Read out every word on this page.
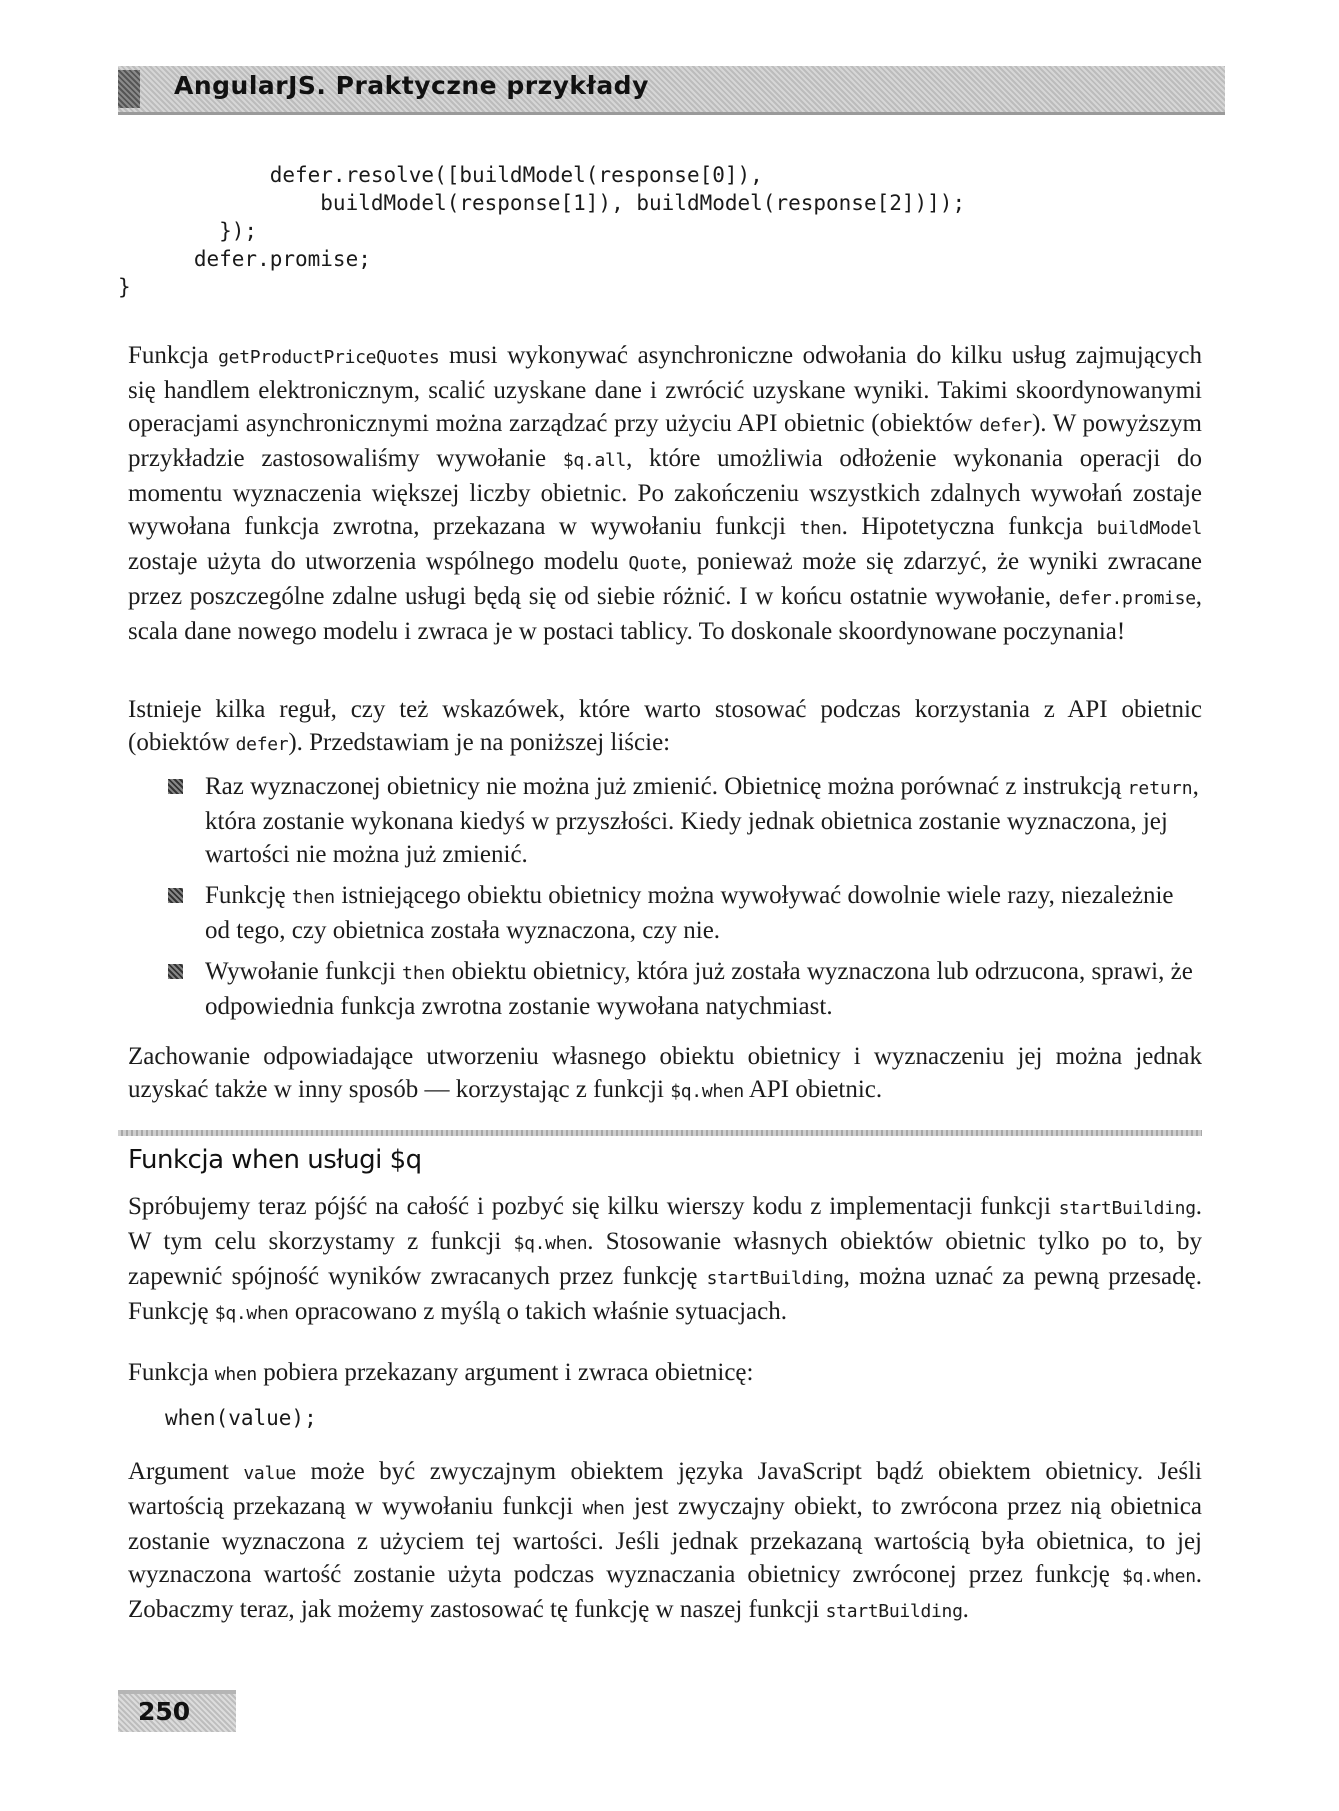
AngularJS. Praktyczne przykłady
defer.resolve([buildModel(response[0]),
buildModel(response[1]), buildModel(response[2])]);
});
defer.promise;
}

Funkcja getProductPriceQuotes musi wykonywać asynchroniczne odwołania do kilku usług zajmujących się handlem elektronicznym, scalić uzyskane dane i zwrócić uzyskane wyniki. Takimi skoordynowanymi operacjami asynchronicznymi można zarządzać przy użyciu API obietnic (obiektów defer). W powyższym przykładzie zastosowaliśmy wywołanie $q.all, które umożliwia odłożenie wykonania operacji do momentu wyznaczenia większej liczby obietnic. Po zakończeniu wszystkich zdalnych wywołań zostaje wywołana funkcja zwrotna, przekazana w wywołaniu funkcji then. Hipotetyczna funkcja buildModel zostaje użyta do utworzenia wspólnego modelu Quote, ponieważ może się zdarzyć, że wyniki zwracane przez poszczególne zdalne usługi będą się od siebie różnić. I w końcu ostatnie wywołanie, defer.promise, scala dane nowego modelu i zwraca je w postaci tablicy. To doskonale skoordynowane poczynania!

Istnieje kilka reguł, czy też wskazówek, które warto stosować podczas korzystania z API obietnic (obiektów defer). Przedstawiam je na poniższej liście:

Raz wyznaczonej obietnicy nie można już zmienić. Obietnicę można porównać z instrukcją return, która zostanie wykonana kiedyś w przyszłości. Kiedy jednak obietnica zostanie wyznaczona, jej wartości nie można już zmienić.
Funkcję then istniejącego obiektu obietnicy można wywoływać dowolnie wiele razy, niezależnie od tego, czy obietnica została wyznaczona, czy nie.
Wywołanie funkcji then obiektu obietnicy, która już została wyznaczona lub odrzucona, sprawi, że odpowiednia funkcja zwrotna zostanie wywołana natychmiast.

Zachowanie odpowiadające utworzeniu własnego obiektu obietnicy i wyznaczeniu jej można jednak uzyskać także w inny sposób — korzystając z funkcji $q.when API obietnic.

Funkcja when usługi $q

Spróbujemy teraz pójść na całość i pozbyć się kilku wierszy kodu z implementacji funkcji startBuilding. W tym celu skorzystamy z funkcji $q.when. Stosowanie własnych obiektów obietnic tylko po to, by zapewnić spójność wyników zwracanych przez funkcję startBuilding, można uznać za pewną przesadę. Funkcję $q.when opracowano z myślą o takich właśnie sytuacjach.

Funkcja when pobiera przekazany argument i zwraca obietnicę:

when(value);

Argument value może być zwyczajnym obiektem języka JavaScript bądź obiektem obietnicy. Jeśli wartością przekazaną w wywołaniu funkcji when jest zwyczajny obiekt, to zwrócona przez nią obietnica zostanie wyznaczona z użyciem tej wartości. Jeśli jednak przekazaną wartością była obietnica, to jej wyznaczona wartość zostanie użyta podczas wyznaczania obietnicy zwróconej przez funkcję $q.when. Zobaczmy teraz, jak możemy zastosować tę funkcję w naszej funkcji startBuilding.

250
